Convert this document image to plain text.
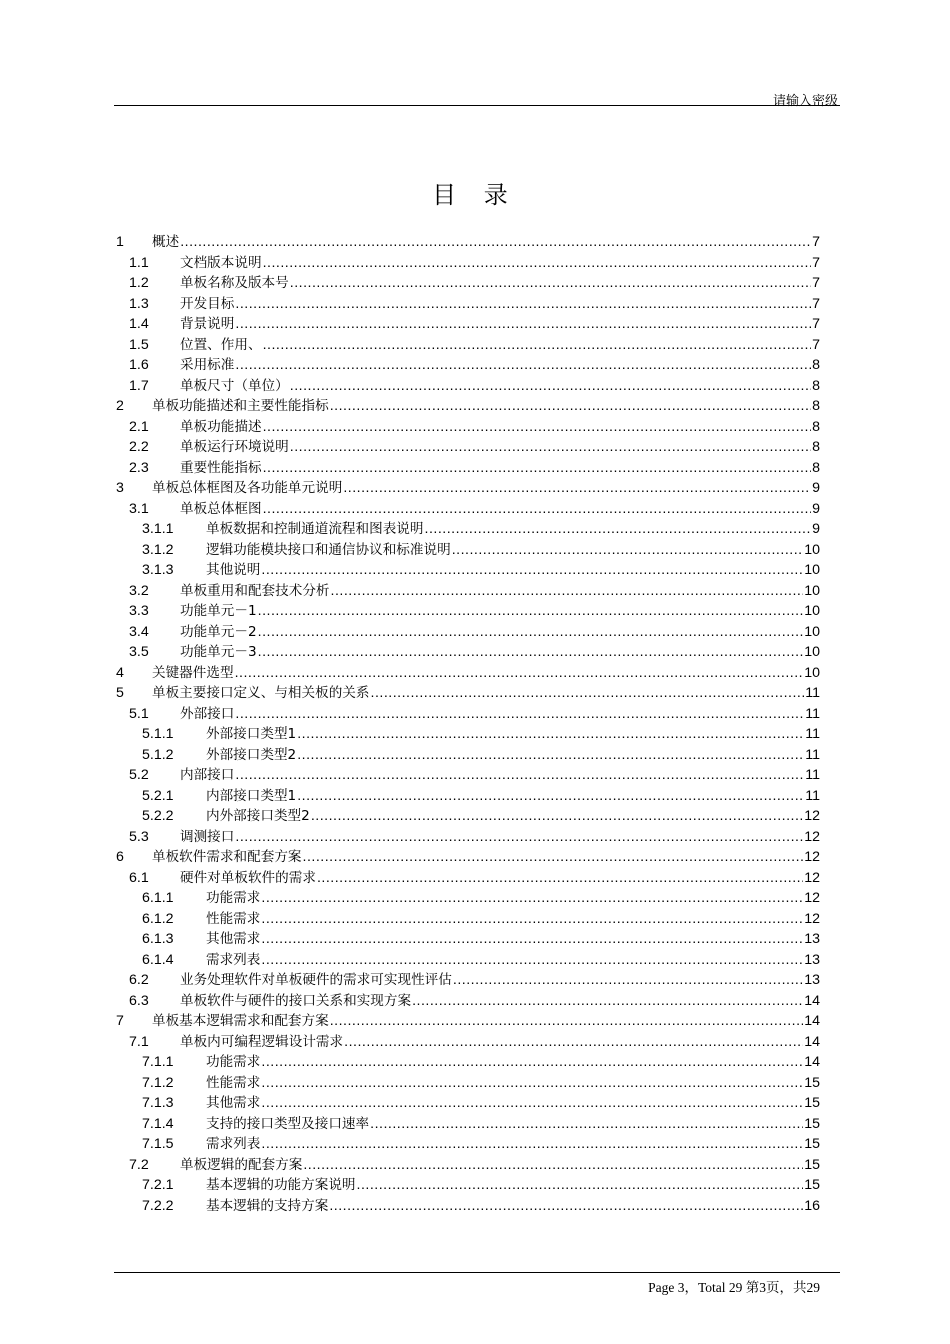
请输入密级
目 录
1	概述 .....	7
1.1	文档版本说明 .....	7
1.2	单板名称及版本号 .....	7
1.3	开发目标 .....	7
1.4	背景说明 .....	7
1.5	位置、作用、 .....	7
1.6	采用标准 .....	8
1.7	单板尺寸（单位） .....	8
2	单板功能描述和主要性能指标 .....	8
2.1	单板功能描述 .....	8
2.2	单板运行环境说明 .....	8
2.3	重要性能指标 .....	8
3	单板总体框图及各功能单元说明 .....	9
3.1	单板总体框图 .....	9
3.1.1	单板数据和控制通道流程和图表说明 .....	9
3.1.2	逻辑功能模块接口和通信协议和标准说明 .....	10
3.1.3	其他说明 .....	10
3.2	单板重用和配套技术分析 .....	10
3.3	功能单元－1 .....	10
3.4	功能单元－2 .....	10
3.5	功能单元－3 .....	10
4	关键器件选型 .....	10
5	单板主要接口定义、与相关板的关系 .....	11
5.1	外部接口 .....	11
5.1.1	外部接口类型1 .....	11
5.1.2	外部接口类型2 .....	11
5.2	内部接口 .....	11
5.2.1	内部接口类型1 .....	11
5.2.2	内外部接口类型2 .....	12
5.3	调测接口 .....	12
6	单板软件需求和配套方案 .....	12
6.1	硬件对单板软件的需求 .....	12
6.1.1	功能需求 .....	12
6.1.2	性能需求 .....	12
6.1.3	其他需求 .....	13
6.1.4	需求列表 .....	13
6.2	业务处理软件对单板硬件的需求可实现性评估 .....	13
6.3	单板软件与硬件的接口关系和实现方案 .....	14
7	单板基本逻辑需求和配套方案 .....	14
7.1	单板内可编程逻辑设计需求 .....	14
7.1.1	功能需求 .....	14
7.1.2	性能需求 .....	15
7.1.3	其他需求 .....	15
7.1.4	支持的接口类型及接口速率 .....	15
7.1.5	需求列表 .....	15
7.2	单板逻辑的配套方案 .....	15
7.2.1	基本逻辑的功能方案说明 .....	15
7.2.2	基本逻辑的支持方案 .....	16
Page 3，Total 29 第3页，共29
